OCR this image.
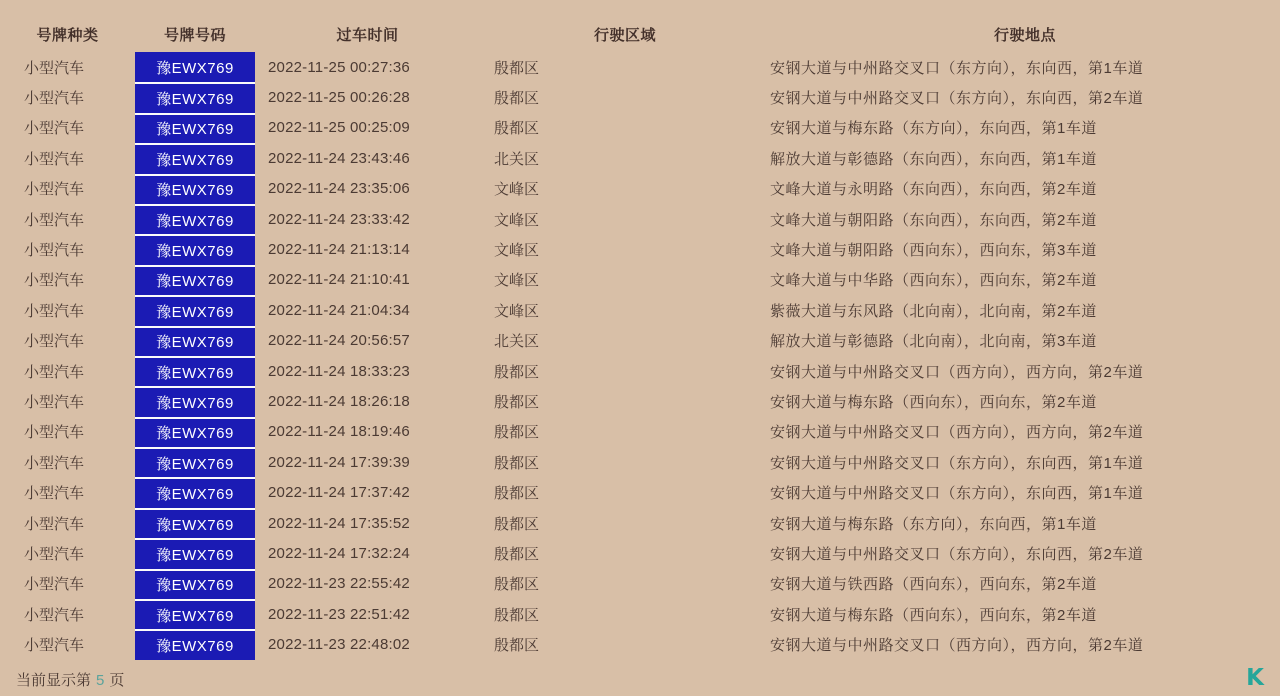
号牌种类	号牌号码	过车时间	行驶区域	行驶地点
小型汽车	豫EWX769	2022-11-25 00:27:36	殷都区	安钢大道与中州路交叉口（东方向），东向西，第1车道
小型汽车	豫EWX769	2022-11-25 00:26:28	殷都区	安钢大道与中州路交叉口（东方向），东向西，第2车道
小型汽车	豫EWX769	2022-11-25 00:25:09	殷都区	安钢大道与梅东路（东方向），东向西，第1车道
小型汽车	豫EWX769	2022-11-24 23:43:46	北关区	解放大道与彰德路（东向西），东向西，第1车道
小型汽车	豫EWX769	2022-11-24 23:35:06	文峰区	文峰大道与永明路（东向西），东向西，第2车道
小型汽车	豫EWX769	2022-11-24 23:33:42	文峰区	文峰大道与朝阳路（东向西），东向西，第2车道
小型汽车	豫EWX769	2022-11-24 21:13:14	文峰区	文峰大道与朝阳路（西向东），西向东，第3车道
小型汽车	豫EWX769	2022-11-24 21:10:41	文峰区	文峰大道与中华路（西向东），西向东，第2车道
小型汽车	豫EWX769	2022-11-24 21:04:34	文峰区	紫薇大道与东风路（北向南），北向南，第2车道
小型汽车	豫EWX769	2022-11-24 20:56:57	北关区	解放大道与彰德路（北向南），北向南，第3车道
小型汽车	豫EWX769	2022-11-24 18:33:23	殷都区	安钢大道与中州路交叉口（西方向），西方向，第2车道
小型汽车	豫EWX769	2022-11-24 18:26:18	殷都区	安钢大道与梅东路（西向东），西向东，第2车道
小型汽车	豫EWX769	2022-11-24 18:19:46	殷都区	安钢大道与中州路交叉口（西方向），西方向，第2车道
小型汽车	豫EWX769	2022-11-24 17:39:39	殷都区	安钢大道与中州路交叉口（东方向），东向西，第1车道
小型汽车	豫EWX769	2022-11-24 17:37:42	殷都区	安钢大道与中州路交叉口（东方向），东向西，第1车道
小型汽车	豫EWX769	2022-11-24 17:35:52	殷都区	安钢大道与梅东路（东方向），东向西，第1车道
小型汽车	豫EWX769	2022-11-24 17:32:24	殷都区	安钢大道与中州路交叉口（东方向），东向西，第2车道
小型汽车	豫EWX769	2022-11-23 22:55:42	殷都区	安钢大道与铁西路（西向东），西向东，第2车道
小型汽车	豫EWX769	2022-11-23 22:51:42	殷都区	安钢大道与梅东路（西向东），西向东，第2车道
小型汽车	豫EWX769	2022-11-23 22:48:02	殷都区	安钢大道与中州路交叉口（西方向），西方向，第2车道
当前显示第 5 页	K
